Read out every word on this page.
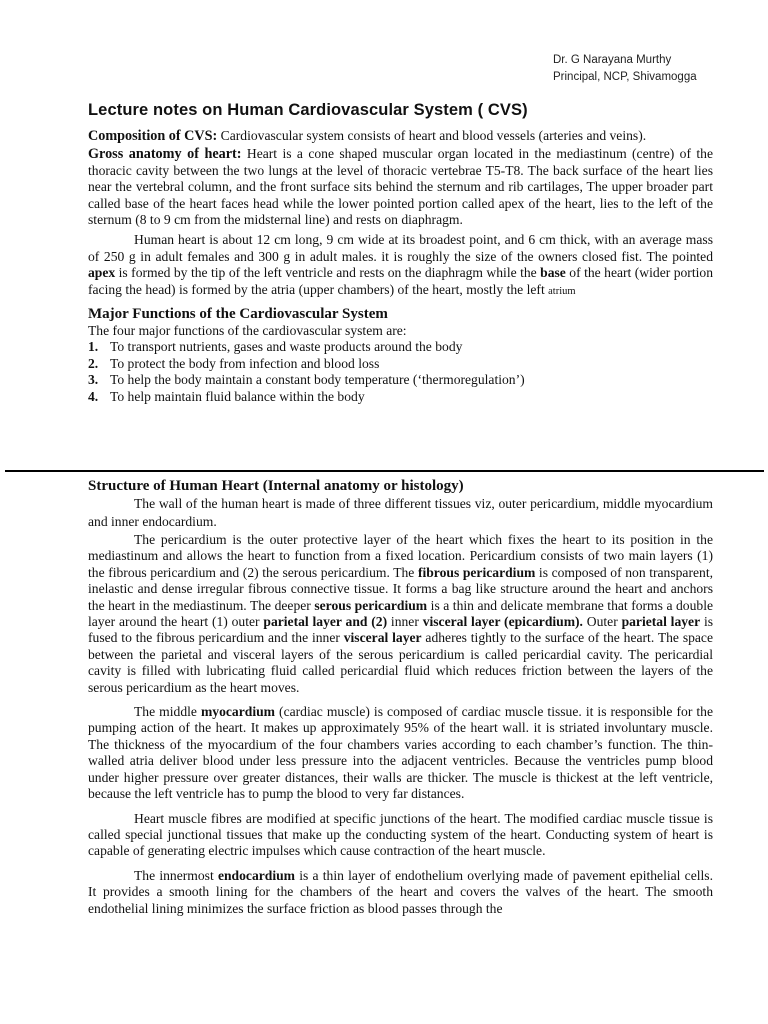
Dr. G Narayana Murthy
Principal, NCP, Shivamogga
Lecture notes on Human Cardiovascular System ( CVS)

Composition of CVS: Cardiovascular system consists of heart and blood vessels (arteries and veins).

Gross anatomy of heart: Heart is a cone shaped muscular organ located in the mediastinum (centre) of the thoracic cavity between the two lungs at the level of thoracic vertebrae T5-T8. The back surface of the heart lies near the vertebral column, and the front surface sits behind the sternum and rib cartilages, The upper broader part called base of the heart faces head while the lower pointed portion called apex of the heart, lies to the left of the sternum (8 to 9 cm from the midsternal line) and rests on diaphragm.

Human heart is about 12 cm long, 9 cm wide at its broadest point, and 6 cm thick, with an average mass of 250 g in adult females and 300 g in adult males. it is roughly the size of the owners closed fist. The pointed apex is formed by the tip of the left ventricle and rests on the diaphragm while the base of the heart (wider portion facing the head) is formed by the atria (upper chambers) of the heart, mostly the left atrium

Major Functions of the Cardiovascular System

The four major functions of the cardiovascular system are:

1. To transport nutrients, gases and waste products around the body
2. To protect the body from infection and blood loss
3. To help the body maintain a constant body temperature (‘thermoregulation’)
4. To help maintain fluid balance within the body

Structure of Human Heart (Internal anatomy or histology)

The wall of the human heart is made of three different tissues viz, outer pericardium, middle myocardium and inner endocardium.

The pericardium is the outer protective layer of the heart which fixes the heart to its position in the mediastinum and allows the heart to function from a fixed location. Pericardium consists of two main layers (1) the fibrous pericardium and (2) the serous pericardium. The fibrous pericardium is composed of non transparent, inelastic and dense irregular fibrous connective tissue. It forms a bag like structure around the heart and anchors the heart in the mediastinum. The deeper serous pericardium is a thin and delicate membrane that forms a double layer around the heart (1) outer parietal layer and (2) inner visceral layer (epicardium). Outer parietal layer is fused to the fibrous pericardium and the inner visceral layer adheres tightly to the surface of the heart. The space between the parietal and visceral layers of the serous pericardium is called pericardial cavity. The pericardial cavity is filled with lubricating fluid called pericardial fluid which reduces friction between the layers of the serous pericardium as the heart moves.

The middle myocardium (cardiac muscle) is composed of cardiac muscle tissue. it is responsible for the pumping action of the heart. It makes up approximately 95% of the heart wall. it is striated involuntary muscle. The thickness of the myocardium of the four chambers varies according to each chamber’s function. The thin-walled atria deliver blood under less pressure into the adjacent ventricles. Because the ventricles pump blood under higher pressure over greater distances, their walls are thicker. The muscle is thickest at the left ventricle, because the left ventricle has to pump the blood to very far distances.

Heart muscle fibres are modified at specific junctions of the heart. The modified cardiac muscle tissue is called special junctional tissues that make up the conducting system of the heart. Conducting system of heart is capable of generating electric impulses which cause contraction of the heart muscle.

The innermost endocardium is a thin layer of endothelium overlying made of pavement epithelial cells. It provides a smooth lining for the chambers of the heart and covers the valves of the heart. The smooth endothelial lining minimizes the surface friction as blood passes through the
